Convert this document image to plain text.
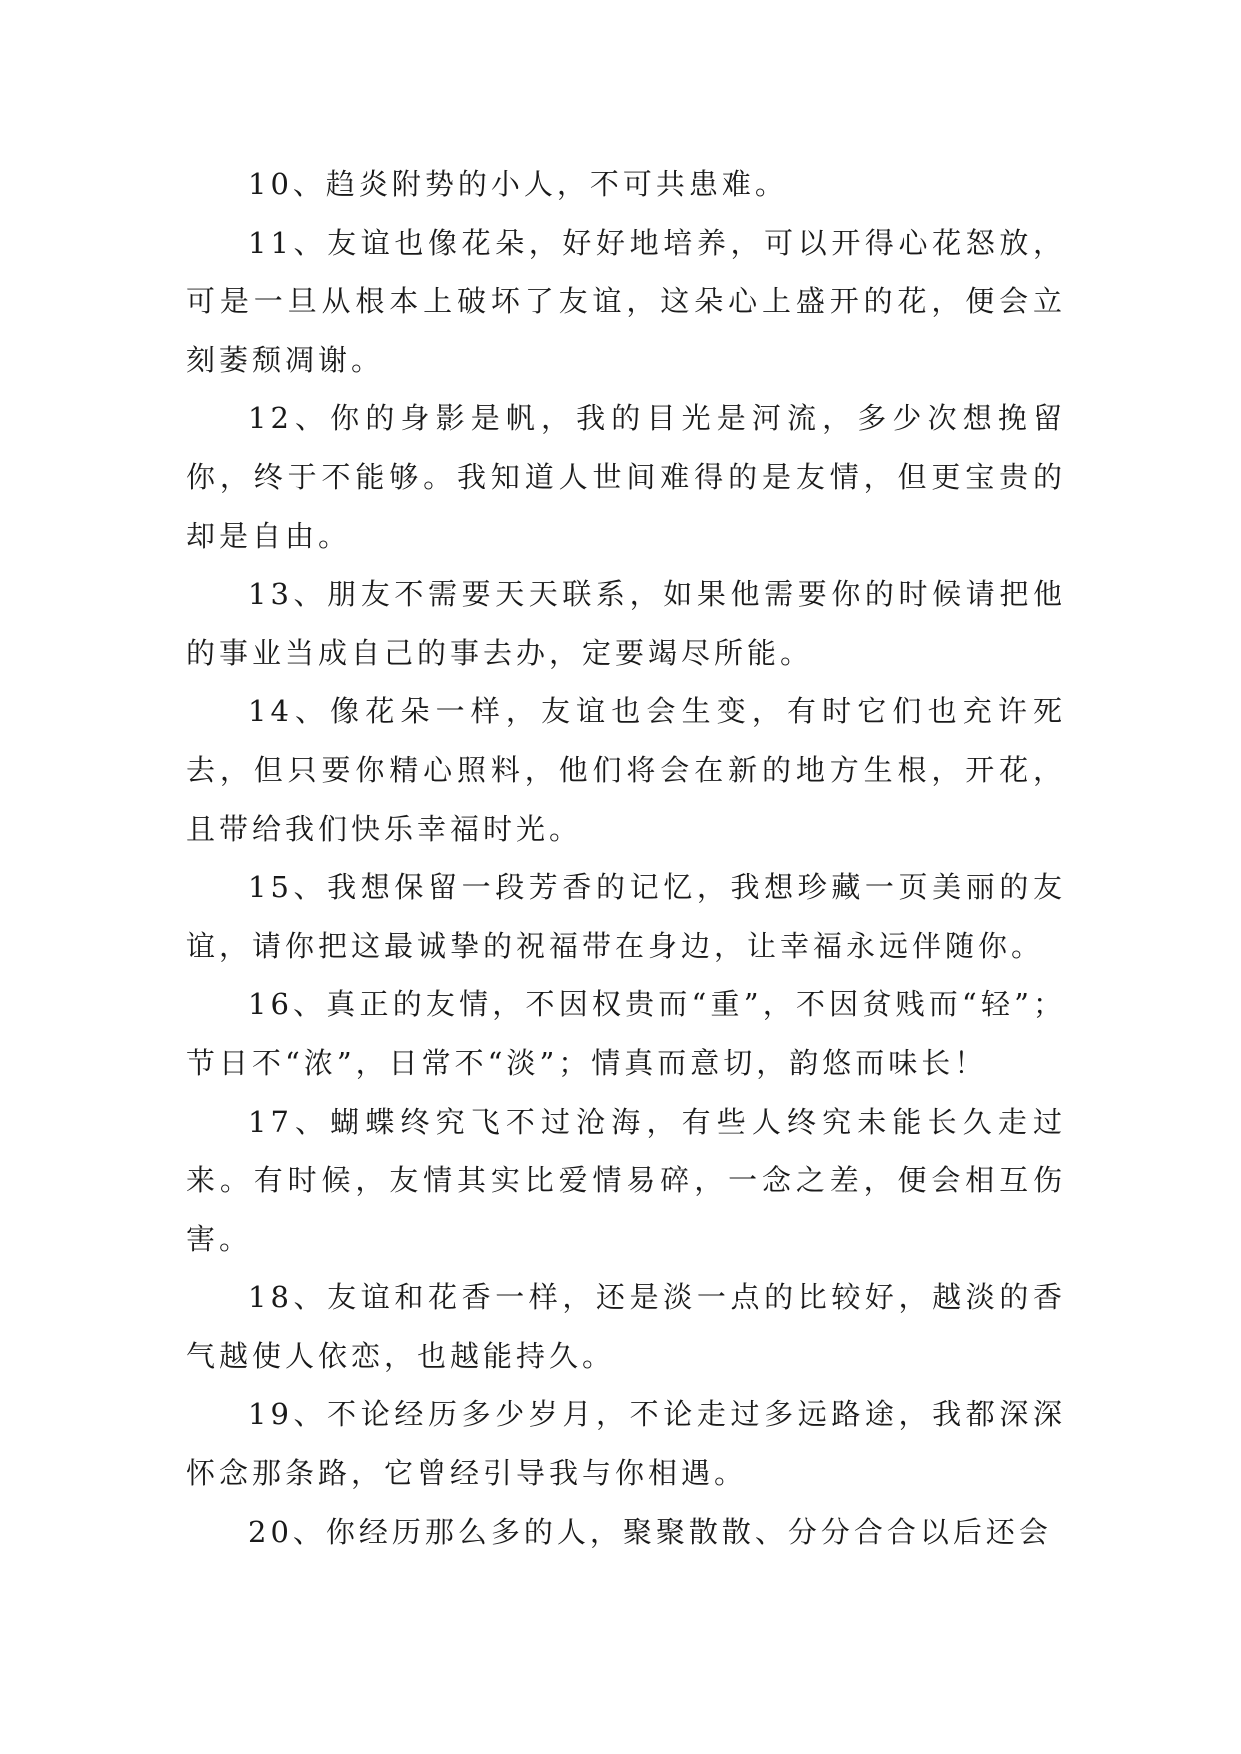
10、趋炎附势的小人，不可共患难。

11、友谊也像花朵，好好地培养，可以开得心花怒放，可是一旦从根本上破坏了友谊，这朵心上盛开的花，便会立刻萎颓凋谢。

12、你的身影是帆，我的目光是河流，多少次想挽留你，终于不能够。我知道人世间难得的是友情，但更宝贵的却是自由。

13、朋友不需要天天联系，如果他需要你的时候请把他的事业当成自己的事去办，定要竭尽所能。

14、像花朵一样，友谊也会生变，有时它们也充许死去，但只要你精心照料，他们将会在新的地方生根，开花，且带给我们快乐幸福时光。

15、我想保留一段芳香的记忆，我想珍藏一页美丽的友谊，请你把这最诚挚的祝福带在身边，让幸福永远伴随你。

16、真正的友情，不因权贵而“重”，不因贫贱而“轻”；节日不“浓”，日常不“淡”；情真而意切，韵悠而味长！

17、蝴蝶终究飞不过沧海，有些人终究未能长久走过来。有时候，友情其实比爱情易碎，一念之差，便会相互伤害。

18、友谊和花香一样，还是淡一点的比较好，越淡的香气越使人依恋，也越能持久。

19、不论经历多少岁月，不论走过多远路途，我都深深怀念那条路，它曾经引导我与你相遇。

20、你经历那么多的人，聚聚散散、分分合合以后还会
